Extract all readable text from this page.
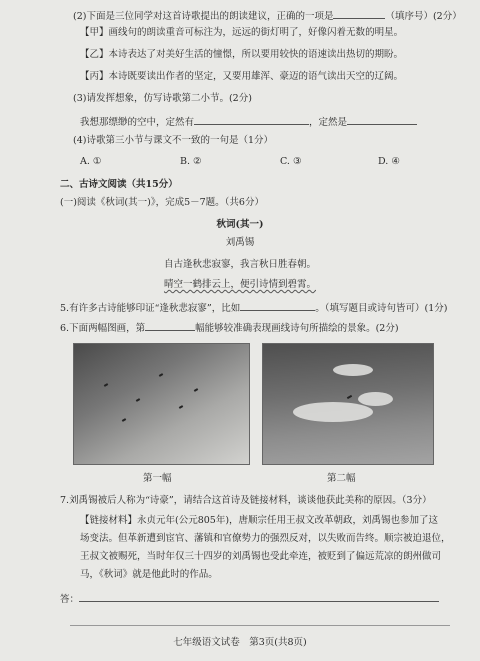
(2)下面是三位同学对这首诗歌提出的朗读建议，正确的一项是	（填序号）(2分）
【甲】画线句的朗读重音可标注为，远远的街灯明了，好像闪着无数的明星。
【乙】本诗表达了对美好生活的憧憬，所以要用较快的语速读出热切的期盼。
【丙】本诗既要读出作者的坚定，又要用雄浑、豪迈的语气读出天空的辽阔。
(3)请发挥想象，仿写诗歌第二小节。(2分)
我想那缥缈的空中，定然有	，定然是
(4)诗歌第三小节与课文不一致的一句是（1分）
A. ①	B. ②	C. ③	D. ④
二、古诗文阅读（共15分）
(一)阅读《秋词(其一)》，完成5－7题。（共6分）
秋词(其一)
刘禹锡
自古逢秋悲寂寥，我言秋日胜春朝。
晴空一鹤排云上，便引诗情到碧霄。
5.有许多古诗能够印证“逢秋悲寂寥”，比如	。（填写题目或诗句皆可）(1分)
6.下面两幅图画，第	幅能够较准确表现画线诗句所描绘的景象。(2分)
第一幅	第二幅
7.刘禹锡被后人称为“诗豪”，请结合这首诗及链接材料，谈谈他获此美称的原因。（3分）
【链接材料】永贞元年(公元805年)，唐顺宗任用王叔文改革朝政，刘禹锡也参加了这
场变法。但革新遭到宦官、藩镇和官僚势力的强烈反对，以失败而告终。顺宗被迫退位，
王叔文被赐死，当时年仅三十四岁的刘禹锡也受此牵连，被贬到了偏远荒凉的朗州做司
马，《秋词》就是他此时的作品。
答：
七年级语文试卷　第3页(共8页)
